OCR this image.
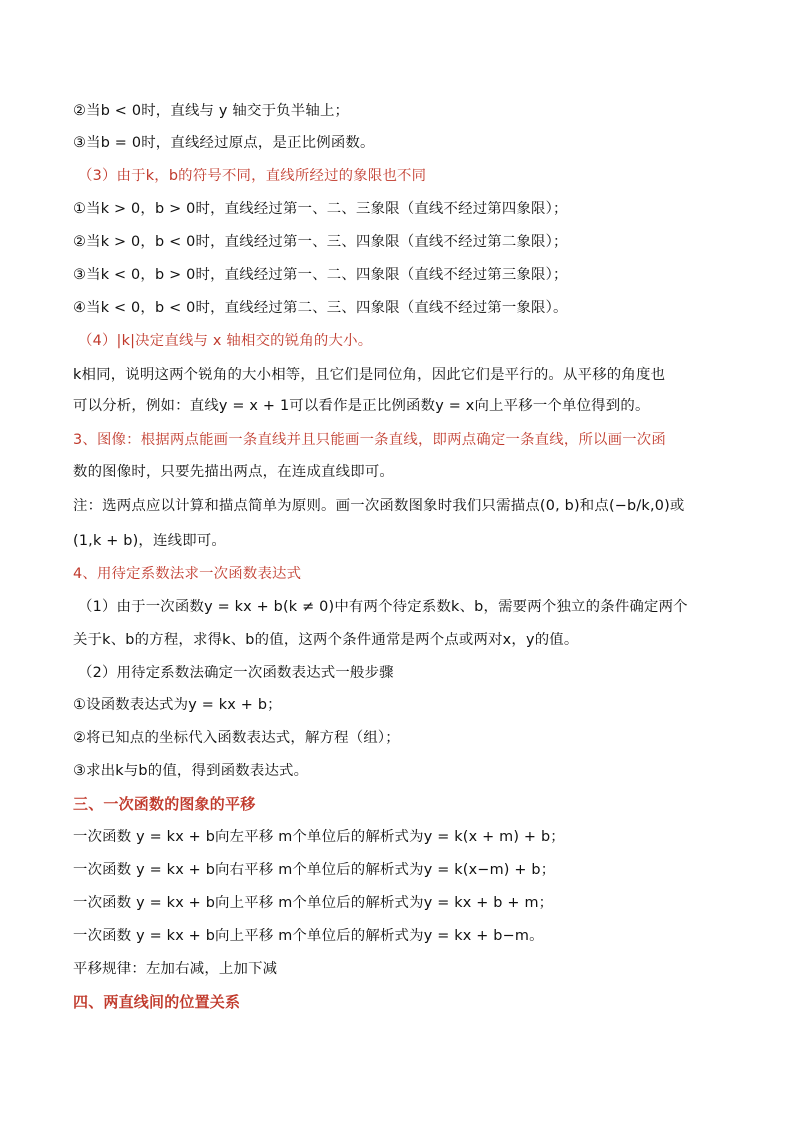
②当b < 0时，直线与 y 轴交于负半轴上；
③当b = 0时，直线经过原点，是正比例函数。
（3）由于k，b的符号不同，直线所经过的象限也不同
①当k > 0，b > 0时，直线经过第一、二、三象限（直线不经过第四象限）；
②当k > 0，b < 0时，直线经过第一、三、四象限（直线不经过第二象限）；
③当k < 0，b > 0时，直线经过第一、二、四象限（直线不经过第三象限）；
④当k < 0，b < 0时，直线经过第二、三、四象限（直线不经过第一象限）。
（4）|k|决定直线与 x 轴相交的锐角的大小。
k相同，说明这两个锐角的大小相等，且它们是同位角，因此它们是平行的。从平移的角度也
可以分析，例如：直线y = x + 1可以看作是正比例函数y = x向上平移一个单位得到的。
3、图像：根据两点能画一条直线并且只能画一条直线，即两点确定一条直线，所以画一次函
数的图像时，只要先描出两点，在连成直线即可。
注：选两点应以计算和描点简单为原则。画一次函数图象时我们只需描点(0, b)和点(−b/k,0)或
(1,k + b)，连线即可。
4、用待定系数法求一次函数表达式
（1）由于一次函数y = kx + b(k ≠ 0)中有两个待定系数k、b，需要两个独立的条件确定两个
关于k、b的方程，求得k、b的值，这两个条件通常是两个点或两对x，y的值。
（2）用待定系数法确定一次函数表达式一般步骤
①设函数表达式为y = kx + b；
②将已知点的坐标代入函数表达式，解方程（组）；
③求出k与b的值，得到函数表达式。
三、一次函数的图象的平移
一次函数 y = kx + b向左平移 m个单位后的解析式为y = k(x + m) + b；
一次函数 y = kx + b向右平移 m个单位后的解析式为y = k(x−m) + b；
一次函数 y = kx + b向上平移 m个单位后的解析式为y = kx + b + m；
一次函数 y = kx + b向上平移 m个单位后的解析式为y = kx + b−m。
平移规律：左加右减，上加下减
四、两直线间的位置关系
